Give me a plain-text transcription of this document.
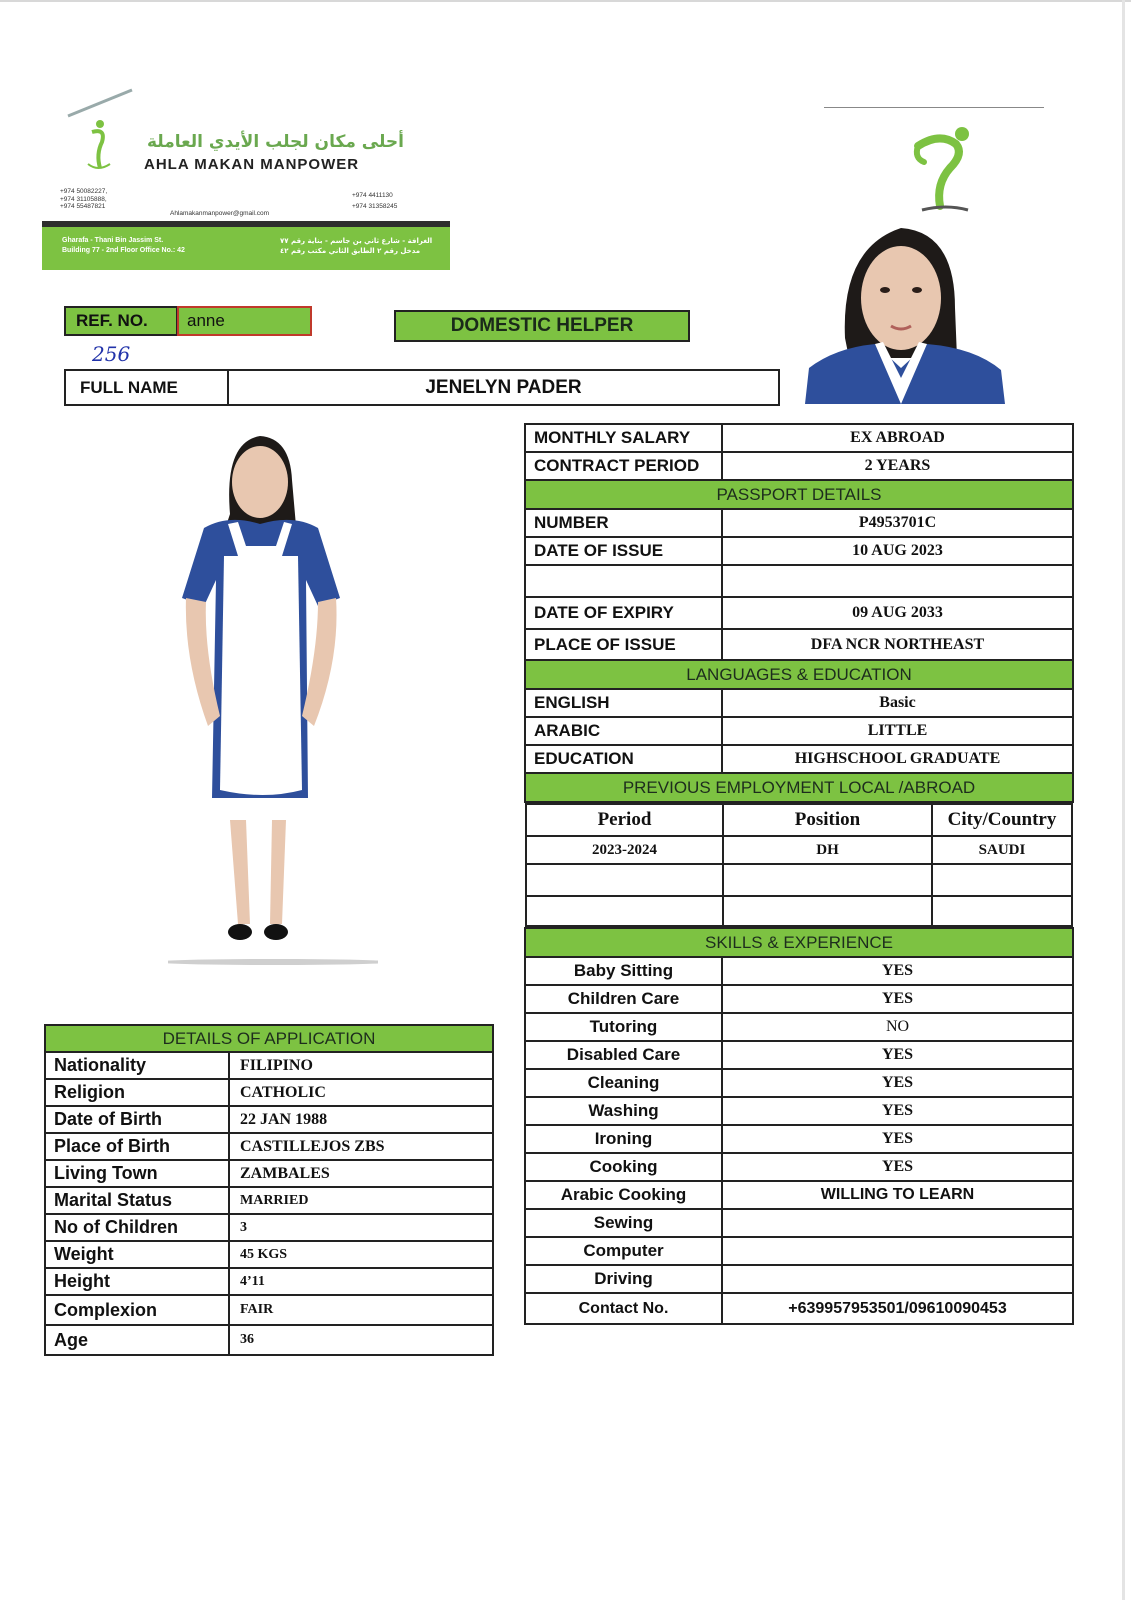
أحلى مكان لجلب الأيدي العاملة
AHLA MAKAN MANPOWER
+974 50082227,
+974 31105888,
+974 55487821
+974 4411130
+974 31358245
Ahlamakanmanpower@gmail.com
Gharafa - Thani Bin Jassim St.
Building 77 - 2nd Floor Office No.: 42
الغرافة - شارع ثاني بن جاسم - بناية رقم ٧٧
مدخل رقم ٢ الطابق الثاني مكتب رقم ٤٢
REF. NO.	anne	DOMESTIC HELPER
256
FULL NAME	JENELYN PADER
MONTHLY SALARY	EX ABROAD
CONTRACT PERIOD	2 YEARS
PASSPORT DETAILS
NUMBER	P4953701C
DATE OF ISSUE	10 AUG 2023

DATE OF EXPIRY	09 AUG 2033
PLACE OF ISSUE	DFA NCR NORTHEAST
LANGUAGES & EDUCATION
ENGLISH	Basic
ARABIC	LITTLE
EDUCATION	HIGHSCHOOL GRADUATE
PREVIOUS EMPLOYMENT LOCAL /ABROAD

Period	Position	City/Country
2023-2024	DH	SAUDI

SKILLS & EXPERIENCE
Baby Sitting	YES
Children Care	YES
Tutoring	NO
Disabled Care	YES
Cleaning	YES
Washing	YES
Ironing	YES
Cooking	YES
Arabic Cooking	WILLING TO LEARN
Sewing	
Computer	
Driving	
Contact No.	+639957953501/09610090453
DETAILS OF APPLICATION	
Nationality	FILIPINO
Religion	CATHOLIC
Date of Birth	22 JAN 1988
Place of Birth	CASTILLEJOS ZBS
Living Town	ZAMBALES
Marital Status	MARRIED
No of Children	3
Weight	45 KGS
Height	4’11
Complexion	FAIR
Age	36
